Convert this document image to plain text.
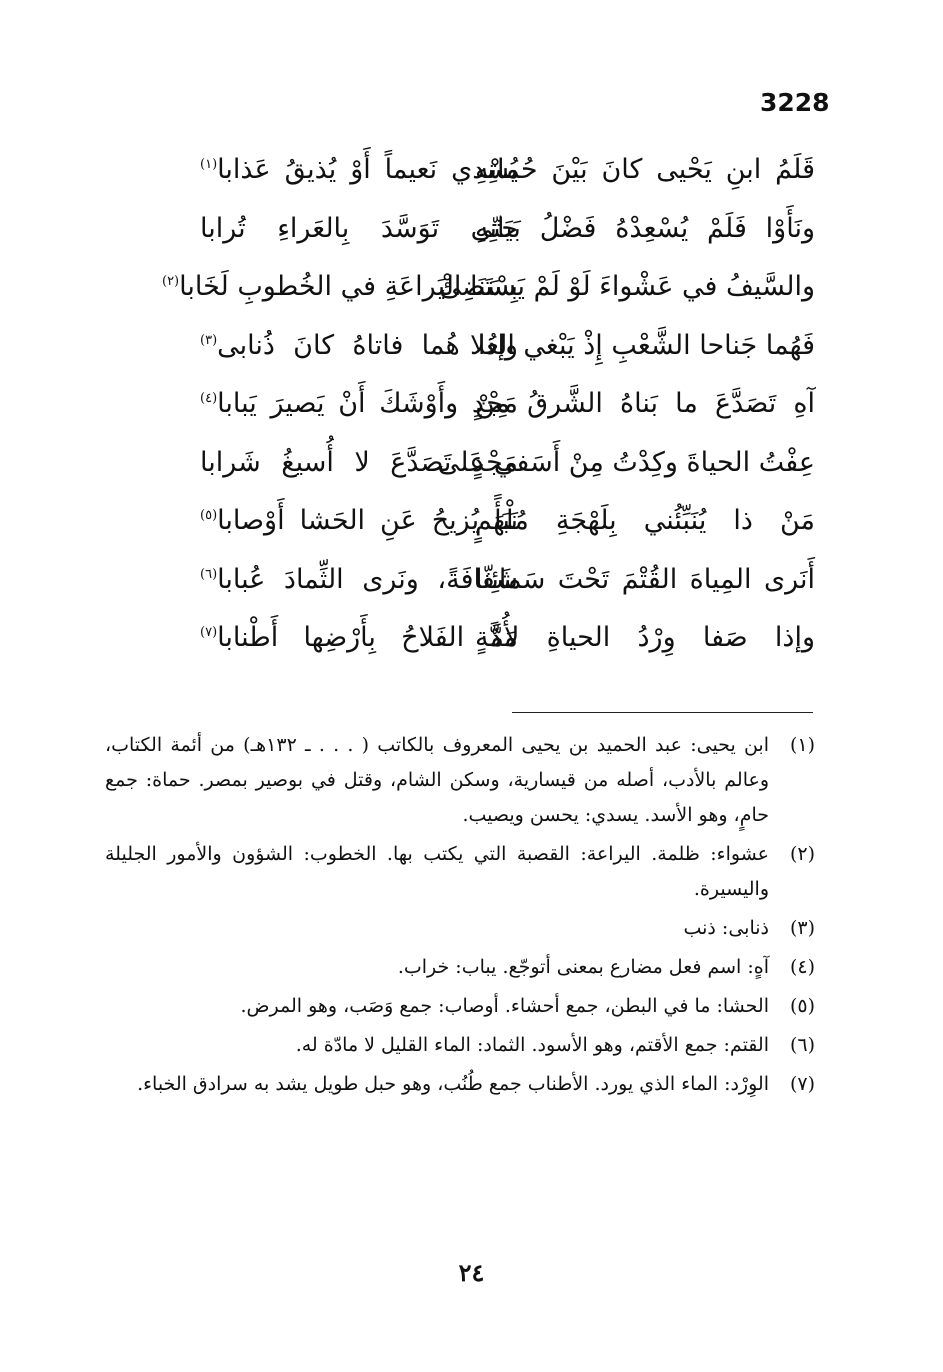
3228
قَلَمُ ابنِ يَحْيى كانَ بَيْنَ حُماتِهِ
يُسْدي نَعيماً أَوْ يُذيقُ عَذابا$^{(١)}$
ونَأَوْا فَلَمْ يُسْعِدْهُ فَضْلُ بَيانِهِ
حَتّى تَوَسَّدَ بِالعَراءِ تُرابا
والسَّيفُ في عَشْواءَ لَوْ لَمْ يَسْتَضِئْ
بِسَنَا اليَراعَةِ في الخُطوبِ لَخَابا$^{(٢)}$
فَهُما جَناحا الشَّعْبِ إِذْ يَبْغي العُلا
وإذا هُما فاتاهُ كانَ ذُنابى$^{(٣)}$
آهِ تَصَدَّعَ ما بَناهُ الشَّرقُ مِنْ
مَجْدٍ وأَوْشَكَ أَنْ يَصيرَ يَبابا$^{(٤)}$
عِفْتُ الحياةَ وكِدْتُ مِنْ أَسَفي عَلى
مَجْدٍ تَصَدَّعَ لا أُسيغُ شَرابا
مَنْ ذا يُنَبِّئُني بِلَهْجَةِ مُلْهَمٍ
نَبَأً يُزيحُ عَنِ الحَشا أَوْصابا$^{(٥)}$
أَنَرى المِياهَ القُتْمَ تَحْتَ سَمائِنا
شَفّافَةً، ونَرى الثِّمادَ عُبابا$^{(٦)}$
وإذا صَفا وِرْدُ الحياةِ لأُمَّةٍ
مَدَّ الفَلاحُ بِأَرْضِها أَطْنابا$^{(٧)}$
(١)
ابن يحيى: عبد الحميد بن يحيى المعروف بالكاتب ( . . . ـ ١٣٢هـ) من أئمة الكتاب، وعالم بالأدب، أصله من قيسارية، وسكن الشام، وقتل في بوصير بمصر. حماة: جمع حامٍ، وهو الأسد. يسدي: يحسن ويصيب.
(٢)
عشواء: ظلمة. اليراعة: القصبة التي يكتب بها. الخطوب: الشؤون والأمور الجليلة واليسيرة.
(٣)
ذنابى: ذنب
(٤)
آهٍ: اسم فعل مضارع بمعنى أتوجّع. يباب: خراب.
(٥)
الحشا: ما في البطن، جمع أحشاء. أوصاب: جمع وَصَب، وهو المرض.
(٦)
القتم: جمع الأقتم، وهو الأسود. الثماد: الماء القليل لا مادّة له.
(٧)
الوِرْد: الماء الذي يورد. الأطناب جمع طُنُب، وهو حبل طويل يشد به سرادق الخباء.
٢٤
